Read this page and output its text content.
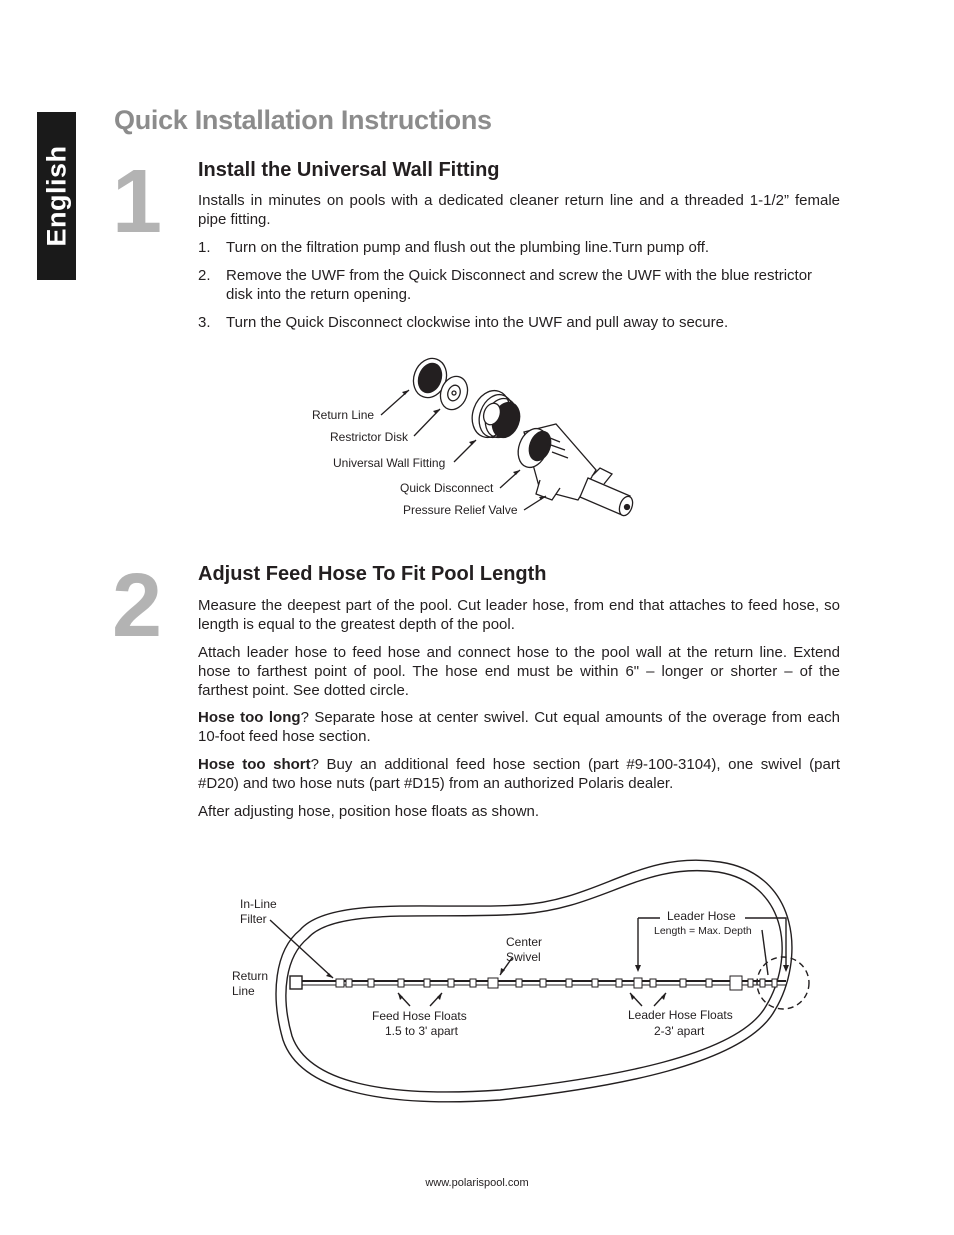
English
Quick Installation Instructions
1 Install the Universal Wall Fitting

Installs in minutes on pools with a dedicated cleaner return line and a threaded 1-1/2” female pipe fitting.

1. Turn on the filtration pump and flush out the plumbing line.Turn pump off.
2. Remove the UWF from the Quick Disconnect and screw the UWF with the blue restrictor disk into the return opening.
3. Turn the Quick Disconnect clockwise into the UWF and pull away to secure.
Return Line
Restrictor Disk
Universal Wall Fitting
Quick Disconnect
Pressure Relief Valve
2 Adjust Feed Hose To Fit Pool Length

Measure the deepest part of the pool. Cut leader hose, from end that attaches to feed hose, so length is equal to the greatest depth of the pool.

Attach leader hose to feed hose and connect hose to the pool wall at the return line. Extend hose to farthest point of pool. The hose end must be within 6" – longer or shorter – of the farthest point. See dotted circle.

Hose too long? Separate hose at center swivel. Cut equal amounts of the overage from each 10-foot feed hose section.

Hose too short? Buy an additional feed hose section (part #9-100-3104), one swivel (part #D20) and two hose nuts (part #D15) from an authorized Polaris dealer.

After adjusting hose, position hose floats as shown.

In-Line
Filter
Return
Line
Center
Swivel
Leader Hose
Length = Max. Depth
Feed Hose Floats
1.5 to 3' apart
Leader Hose Floats
2-3' apart
www.polarispool.com
